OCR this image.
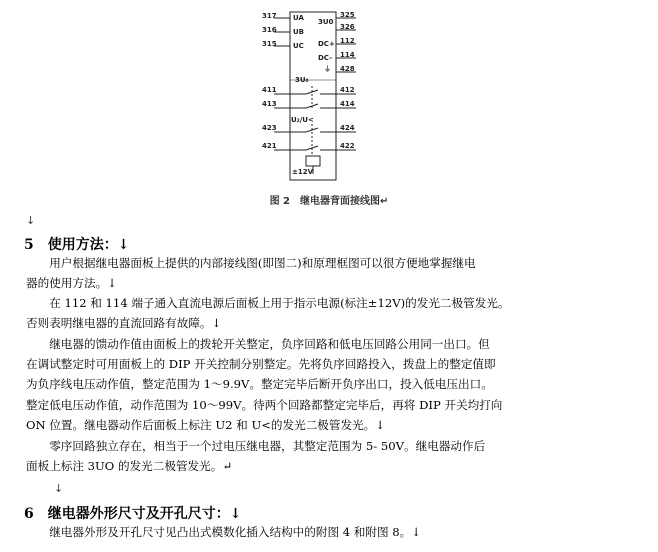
317
316
315
411
413
423
421
UA
UB
UC
3U0
DC+
DC-
⏚
325
326
112
114
428
412
414
424
422
3U₀
U₂/U<
±12V
图 2　继电器背面接线图↵
↓
5　使用方法：↓
　　用户根据继电器面板上提供的内部接线图(即图二)和原理框图可以很方便地掌握继电
器的使用方法。↓
　　在 112 和 114 端子通入直流电源后面板上用于指示电源(标注±12V)的发光二极管发光。
否则表明继电器的直流回路有故障。↓
　　继电器的馈动作值由面板上的拨轮开关整定，负序回路和低电压回路公用同一出口。但
在调试整定时可用面板上的 DIP 开关控制分别整定。先将负序回路投入，拨盘上的整定值即
为负序线电压动作值，整定范围为 1～9.9V。整定完毕后断开负序出口，投入低电压出口。
整定低电压动作值，动作范围为 10～99V。待两个回路都整定完毕后，再将 DIP 开关均打向
ON 位置。继电器动作后面板上标注 U2 和 U<的发光二极管发光。↓
　　零序回路独立存在，相当于一个过电压继电器，其整定范围为 5- 50V。继电器动作后
面板上标注 3UO 的发光二极管发光。↵
↓
6　继电器外形尺寸及开孔尺寸：↓
　　继电器外形及开孔尺寸见凸出式模数化插入结构中的附图 4 和附图 8。↓
